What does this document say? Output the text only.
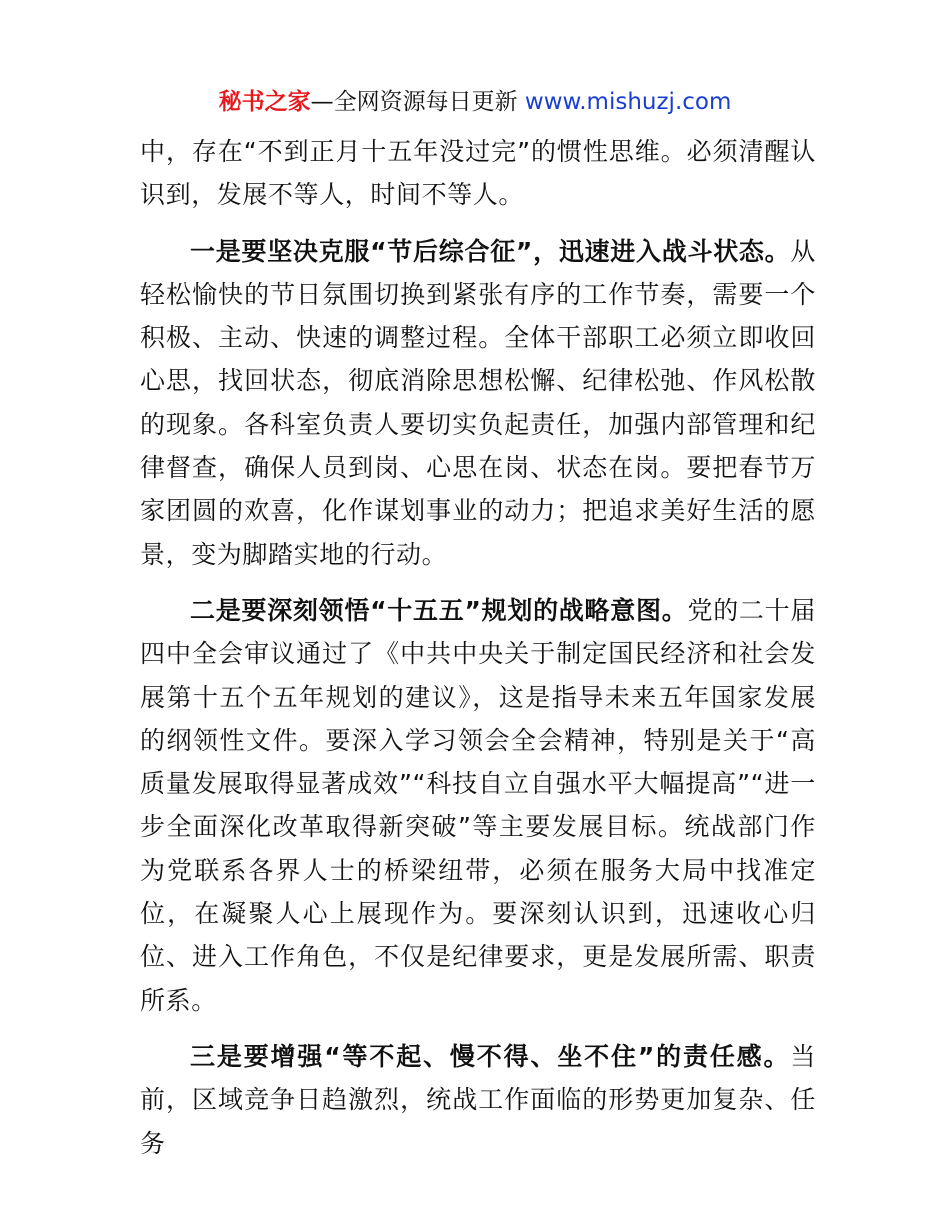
秘书之家—全网资源每日更新 www.mishuzj.com

中，存在“不到正月十五年没过完”的惯性思维。必须清醒认识到，发展不等人，时间不等人。

一是要坚决克服“节后综合征”，迅速进入战斗状态。从轻松愉快的节日氛围切换到紧张有序的工作节奏，需要一个积极、主动、快速的调整过程。全体干部职工必须立即收回心思，找回状态，彻底消除思想松懈、纪律松弛、作风松散的现象。各科室负责人要切实负起责任，加强内部管理和纪律督查，确保人员到岗、心思在岗、状态在岗。要把春节万家团圆的欢喜，化作谋划事业的动力；把追求美好生活的愿景，变为脚踏实地的行动。

二是要深刻领悟“十五五”规划的战略意图。党的二十届四中全会审议通过了《中共中央关于制定国民经济和社会发展第十五个五年规划的建议》，这是指导未来五年国家发展的纲领性文件。要深入学习领会全会精神，特别是关于“高质量发展取得显著成效”“科技自立自强水平大幅提高”“进一步全面深化改革取得新突破”等主要发展目标。统战部门作为党联系各界人士的桥梁纽带，必须在服务大局中找准定位，在凝聚人心上展现作为。要深刻认识到，迅速收心归位、进入工作角色，不仅是纪律要求，更是发展所需、职责所系。

三是要增强“等不起、慢不得、坐不住”的责任感。当前，区域竞争日趋激烈，统战工作面临的形势更加复杂、任务
